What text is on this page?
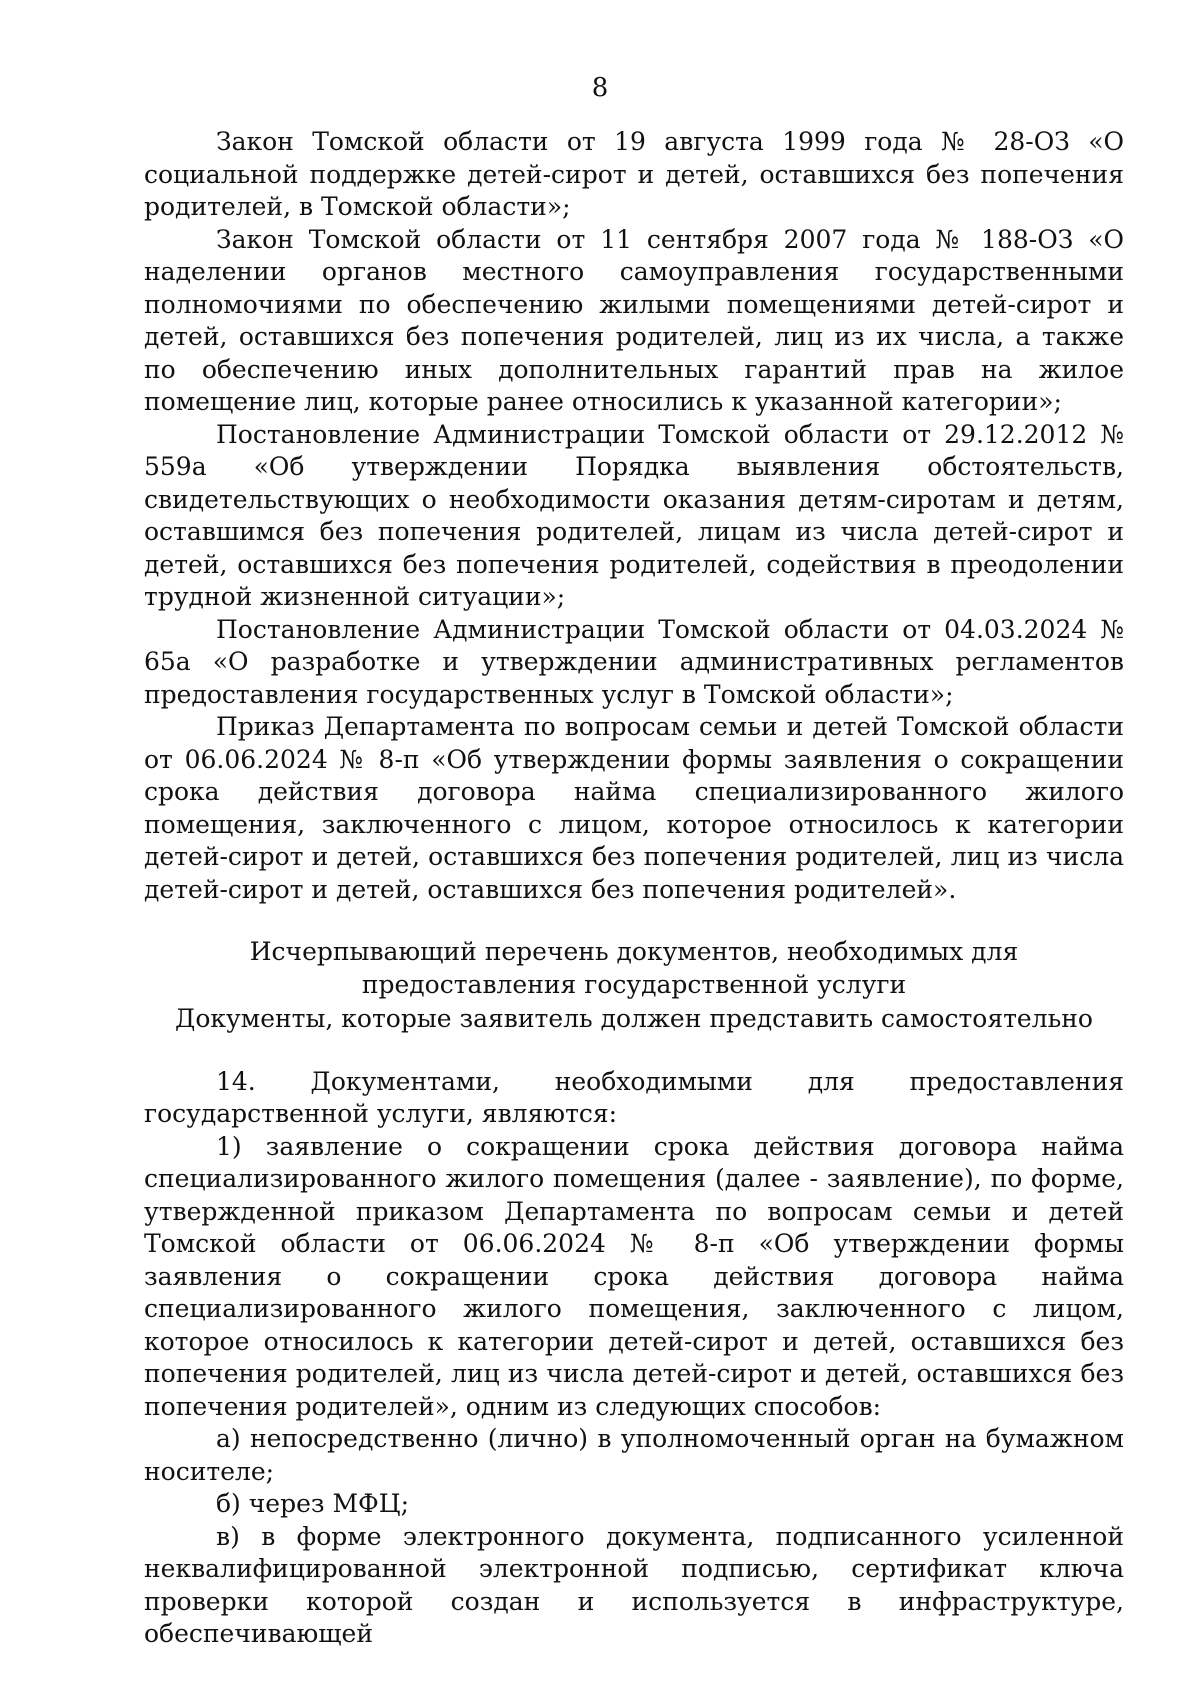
8

Закон Томской области от 19 августа 1999 года № 28-ОЗ «О социальной поддержке детей-сирот и детей, оставшихся без попечения родителей, в Томской области»;

Закон Томской области от 11 сентября 2007 года № 188-ОЗ «О наделении органов местного самоуправления государственными полномочиями по обеспечению жилыми помещениями детей-сирот и детей, оставшихся без попечения родителей, лиц из их числа, а также по обеспечению иных дополнительных гарантий прав на жилое помещение лиц, которые ранее относились к указанной категории»;

Постановление Администрации Томской области от 29.12.2012 № 559а «Об утверждении Порядка выявления обстоятельств, свидетельствующих о необходимости оказания детям-сиротам и детям, оставшимся без попечения родителей, лицам из числа детей-сирот и детей, оставшихся без попечения родителей, содействия в преодолении трудной жизненной ситуации»;

Постановление Администрации Томской области от 04.03.2024 № 65а «О разработке и утверждении административных регламентов предоставления государственных услуг в Томской области»;

Приказ Департамента по вопросам семьи и детей Томской области от 06.06.2024 № 8-п «Об утверждении формы заявления о сокращении срока действия договора найма специализированного жилого помещения, заключенного с лицом, которое относилось к категории детей-сирот и детей, оставшихся без попечения родителей, лиц из числа детей-сирот и детей, оставшихся без попечения родителей».

Исчерпывающий перечень документов, необходимых для предоставления государственной услуги

Документы, которые заявитель должен представить самостоятельно

14. Документами, необходимыми для предоставления государственной услуги, являются:

1) заявление о сокращении срока действия договора найма специализированного жилого помещения (далее - заявление), по форме, утвержденной приказом Департамента по вопросам семьи и детей Томской области от 06.06.2024 № 8-п «Об утверждении формы заявления о сокращении срока действия договора найма специализированного жилого помещения, заключенного с лицом, которое относилось к категории детей-сирот и детей, оставшихся без попечения родителей, лиц из числа детей-сирот и детей, оставшихся без попечения родителей», одним из следующих способов:

а) непосредственно (лично) в уполномоченный орган на бумажном носителе;

б) через МФЦ;

в) в форме электронного документа, подписанного усиленной неквалифицированной электронной подписью, сертификат ключа проверки которой создан и используется в инфраструктуре, обеспечивающей
